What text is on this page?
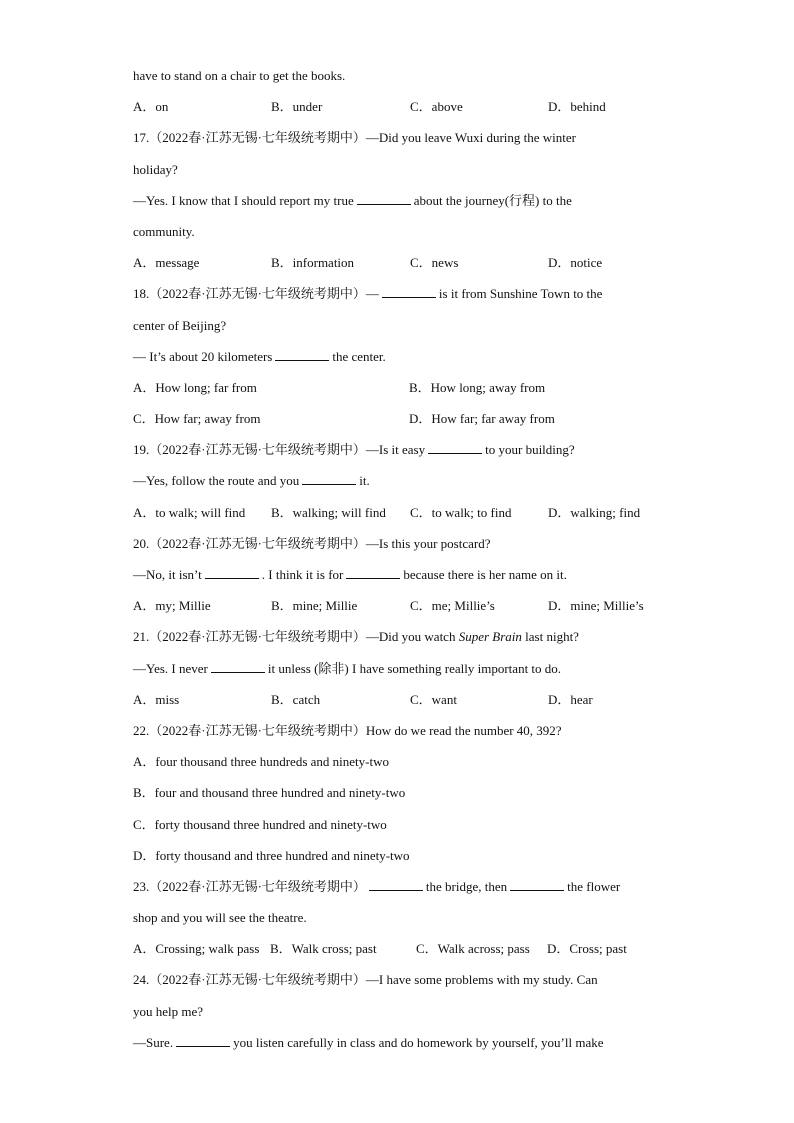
have to stand on a chair to get the books.
A．on	B．under	C．above	D．behind
17.（2022春·江苏无锡·七年级统考期中）—Did you leave Wuxi during the winter
holiday?
—Yes. I know that I should report my true	about the journey(行程) to the
community.
A．message	B．information	C．news	D．notice
18.（2022春·江苏无锡·七年级统考期中）—	is it from Sunshine Town to the
center of Beijing?
— It’s about 20 kilometers	the center.
A．How long; far from	B．How long; away from
C．How far; away from	D．How far; far away from
19.（2022春·江苏无锡·七年级统考期中）—Is it easy	to your building?
—Yes, follow the route and you	it.
A．to walk; will find B．walking; will find C．to walk; to find	D．walking; find
20.（2022春·江苏无锡·七年级统考期中）—Is this your postcard?
—No, it isn’t	. I think it is for	because there is her name on it.
A．my; Millie	B．mine; Millie	C．me; Millie’s	D．mine; Millie’s
21.（2022春·江苏无锡·七年级统考期中）—Did you watch Super Brain last night?
—Yes. I never	it unless (除非) I have something really important to do.
A．miss	B．catch	C．want	D．hear
22.（2022春·江苏无锡·七年级统考期中）How do we read the number 40, 392?
A．four thousand three hundreds and ninety-two
B．four and thousand three hundred and ninety-two
C．forty thousand three hundred and ninety-two
D．forty thousand and three hundred and ninety-two
23.（2022春·江苏无锡·七年级统考期中）	the bridge, then	the flower
shop and you will see the theatre.
A．Crossing; walk pass B．Walk cross; past	C．Walk across; pass D．Cross; past
24.（2022春·江苏无锡·七年级统考期中）—I have some problems with my study. Can
you help me?
—Sure.	you listen carefully in class and do homework by yourself, you’ll make
